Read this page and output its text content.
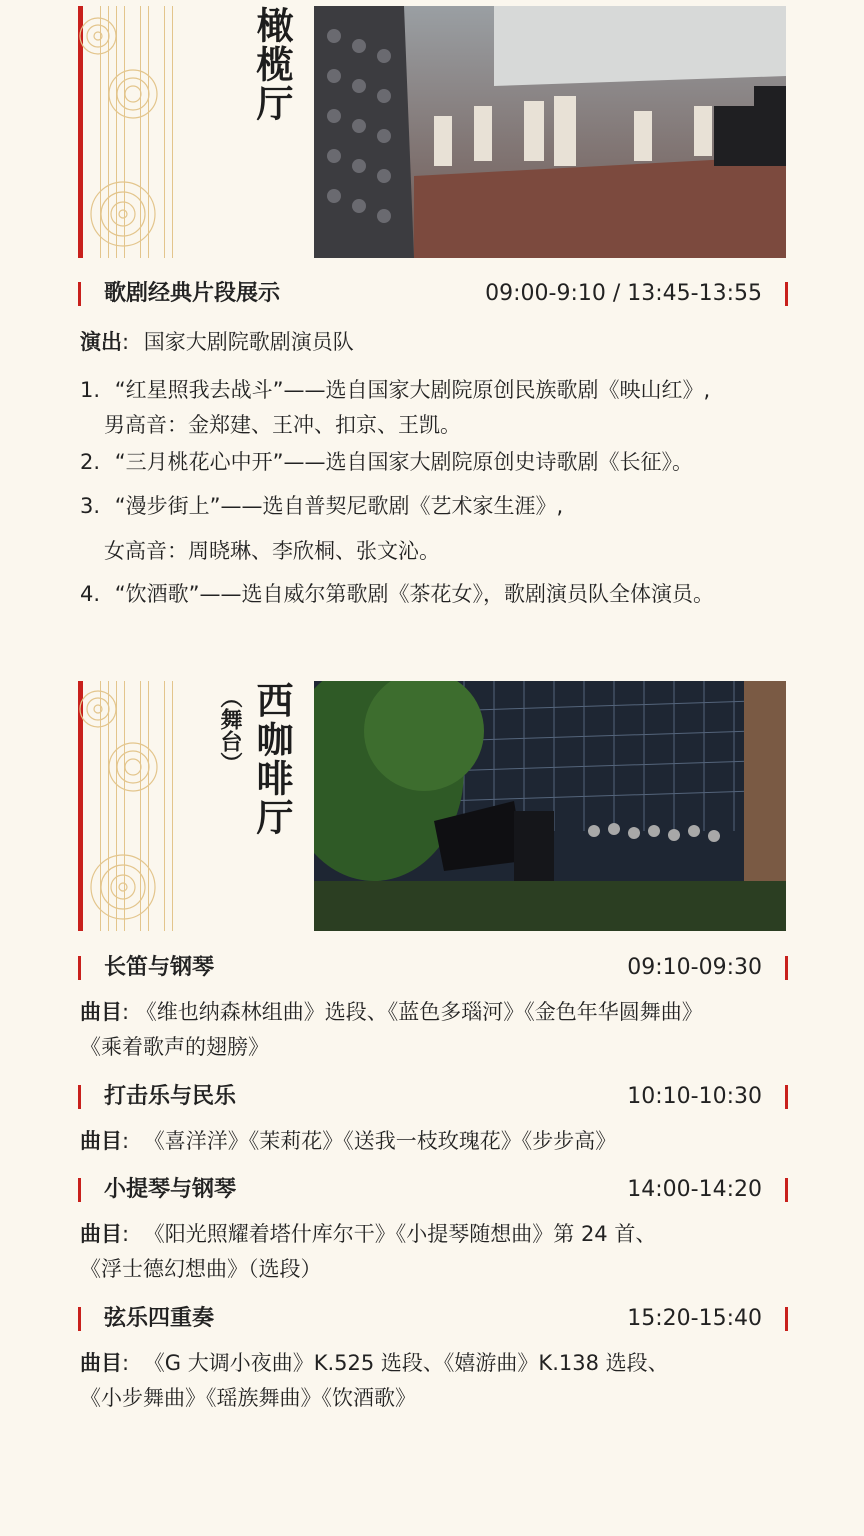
橄榄厅
歌剧经典片段展示	09:00-9:10 / 13:45-13:55
演出: 国家大剧院歌剧演员队
1. “红星照我去战斗”——选自国家大剧院原创民族歌剧《映山红》,
男高音：金郑建、王冲、扣京、王凯。
2. “三月桃花心中开”——选自国家大剧院原创史诗歌剧《长征》。
3. “漫步街上”——选自普契尼歌剧《艺术家生涯》,
女高音：周晓琳、李欣桐、张文沁。
4. “饮酒歌”——选自威尔第歌剧《茶花女》，歌剧演员队全体演员。
（舞台） 西咖啡厅
长笛与钢琴	09:10-09:30
曲目: 《维也纳森林组曲》选段、《蓝色多瑙河》《金色年华圆舞曲》
《乘着歌声的翅膀》
打击乐与民乐	10:10-10:30
曲目: 《喜洋洋》《茉莉花》《送我一枝玫瑰花》《步步高》
小提琴与钢琴	14:00-14:20
曲目: 《阳光照耀着塔什库尔干》《小提琴随想曲》第 24 首、
《浮士德幻想曲》（选段）
弦乐四重奏	15:20-15:40
曲目: 《G 大调小夜曲》K.525 选段、《嬉游曲》K.138 选段、
《小步舞曲》《瑶族舞曲》《饮酒歌》
